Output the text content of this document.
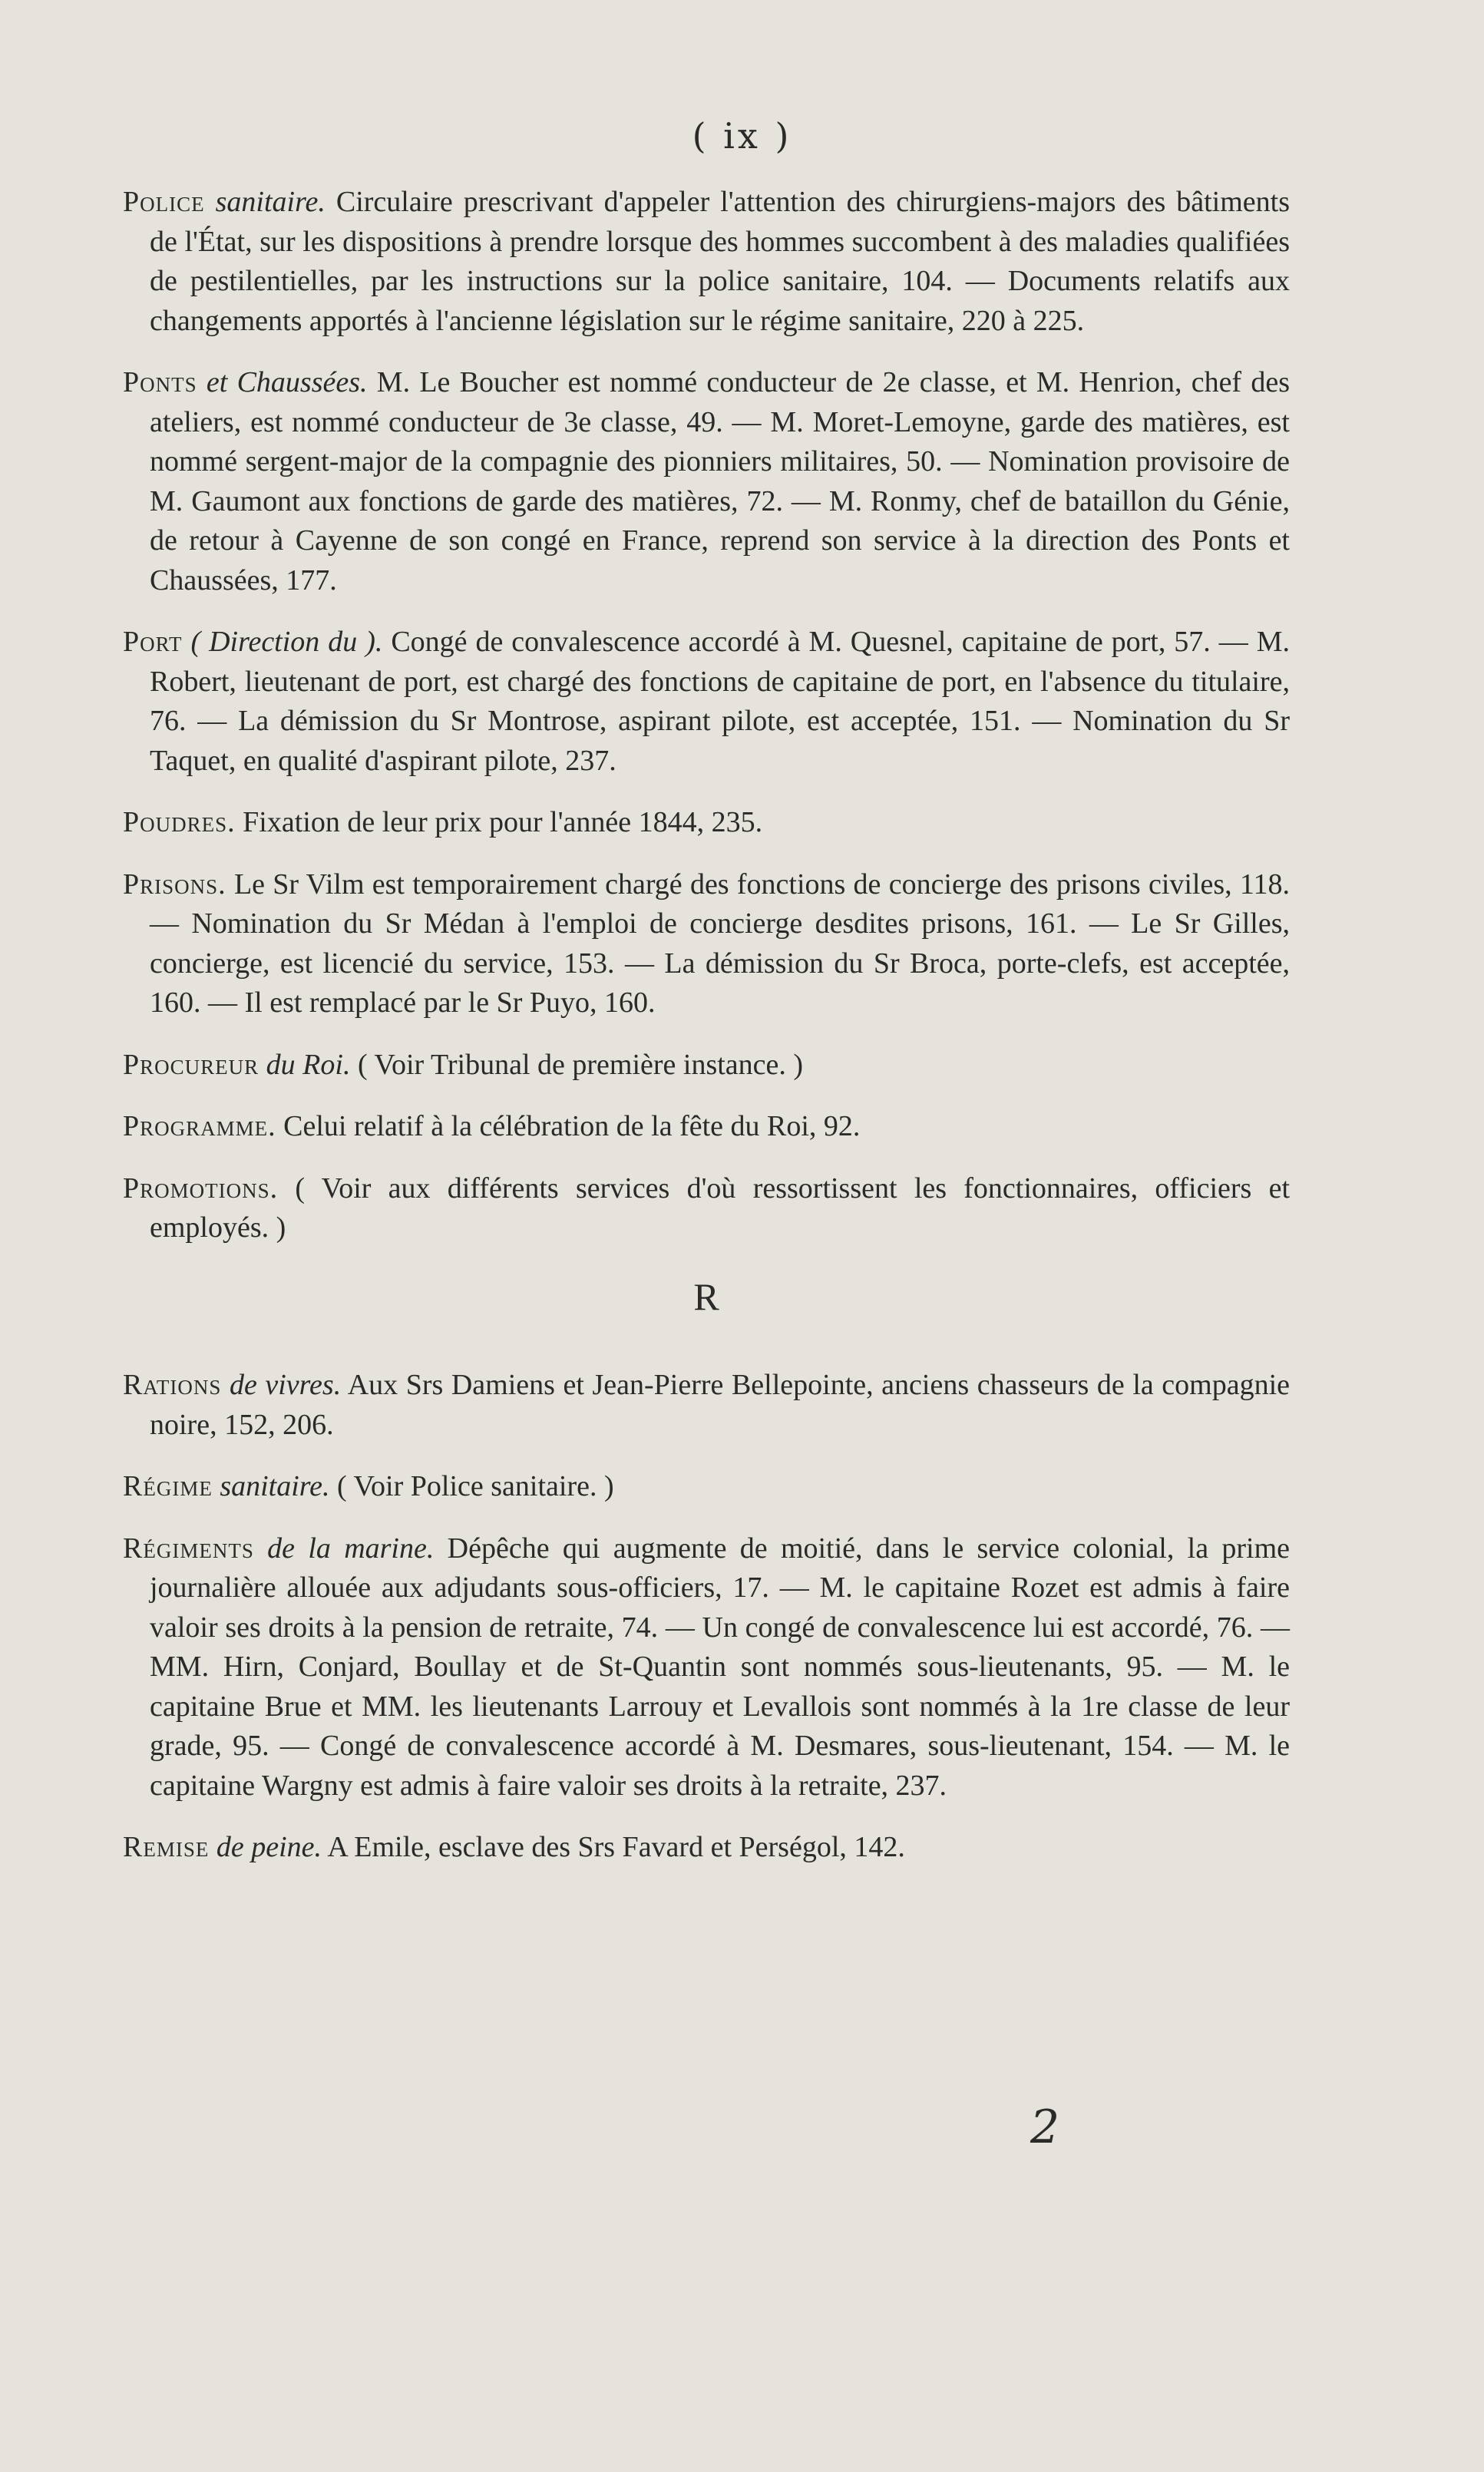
( ix )

Police sanitaire. Circulaire prescrivant d'appeler l'attention des chirurgiens-majors des bâtiments de l'État, sur les dispositions à prendre lorsque des hommes succombent à des maladies qualifiées de pestilentielles, par les instructions sur la police sanitaire, 104. — Documents relatifs aux changements apportés à l'ancienne législation sur le régime sanitaire, 220 à 225.

Ponts et Chaussées. M. Le Boucher est nommé conducteur de 2e classe, et M. Henrion, chef des ateliers, est nommé conducteur de 3e classe, 49. — M. Moret-Lemoyne, garde des matières, est nommé sergent-major de la compagnie des pionniers militaires, 50. — Nomination provisoire de M. Gaumont aux fonctions de garde des matières, 72. — M. Ronmy, chef de bataillon du Génie, de retour à Cayenne de son congé en France, reprend son service à la direction des Ponts et Chaussées, 177.

Port ( Direction du ). Congé de convalescence accordé à M. Quesnel, capitaine de port, 57. — M. Robert, lieutenant de port, est chargé des fonctions de capitaine de port, en l'absence du titulaire, 76. — La démission du Sr Montrose, aspirant pilote, est acceptée, 151. — Nomination du Sr Taquet, en qualité d'aspirant pilote, 237.

Poudres. Fixation de leur prix pour l'année 1844, 235.

Prisons. Le Sr Vilm est temporairement chargé des fonctions de concierge des prisons civiles, 118. — Nomination du Sr Médan à l'emploi de concierge desdites prisons, 161. — Le Sr Gilles, concierge, est licencié du service, 153. — La démission du Sr Broca, porte-clefs, est acceptée, 160. — Il est remplacé par le Sr Puyo, 160.

Procureur du Roi. ( Voir Tribunal de première instance. )

Programme. Celui relatif à la célébration de la fête du Roi, 92.

Promotions. ( Voir aux différents services d'où ressortissent les fonctionnaires, officiers et employés. )

R

Rations de vivres. Aux Srs Damiens et Jean-Pierre Bellepointe, anciens chasseurs de la compagnie noire, 152, 206.

Régime sanitaire. ( Voir Police sanitaire. )

Régiments de la marine. Dépêche qui augmente de moitié, dans le service colonial, la prime journalière allouée aux adjudants sous-officiers, 17. — M. le capitaine Rozet est admis à faire valoir ses droits à la pension de retraite, 74. — Un congé de convalescence lui est accordé, 76. — MM. Hirn, Conjard, Boullay et de St-Quantin sont nommés sous-lieutenants, 95. — M. le capitaine Brue et MM. les lieutenants Larrouy et Levallois sont nommés à la 1re classe de leur grade, 95. — Congé de convalescence accordé à M. Desmares, sous-lieutenant, 154. — M. le capitaine Wargny est admis à faire valoir ses droits à la retraite, 237.

Remise de peine. A Emile, esclave des Srs Favard et Perségol, 142.

2
